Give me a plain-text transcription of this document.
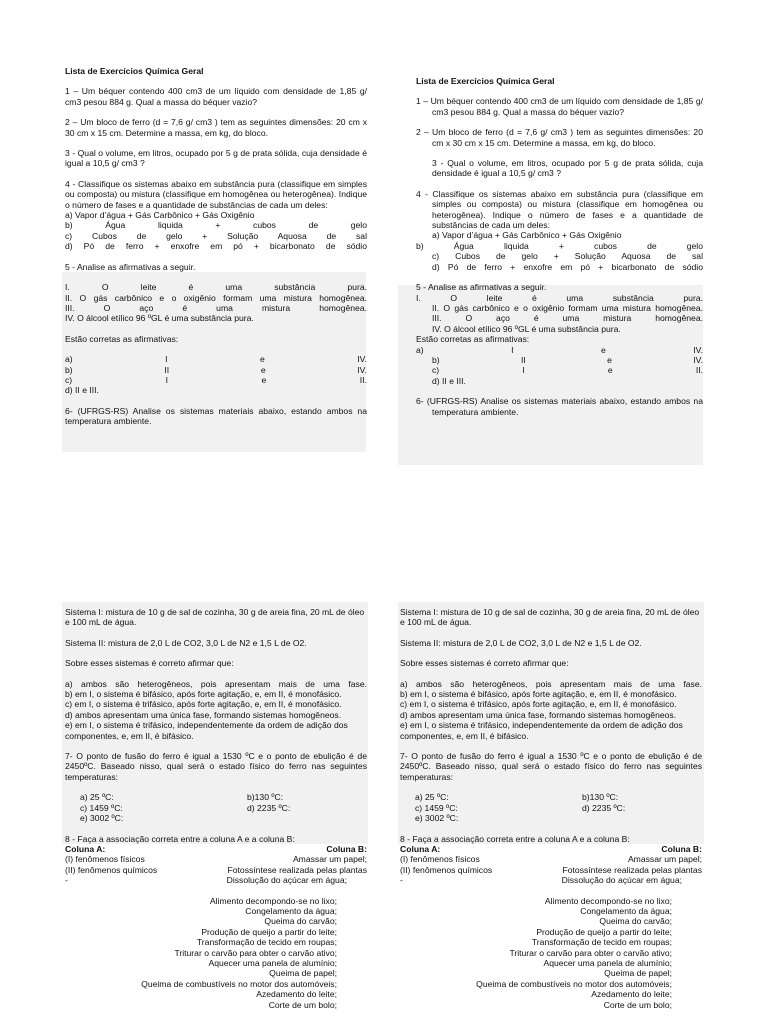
Lista de Exercícios Química Geral
1 – Um béquer contendo 400 cm3 de um líquido com densidade de 1,85 g/ cm3 pesou 884 g. Qual a massa do béquer vazio?
2 – Um bloco de ferro (d = 7,6 g/ cm3 ) tem as seguintes dimensões: 20 cm x 30 cm x 15 cm. Determine a massa, em kg, do bloco.
3 - Qual o volume, em litros, ocupado por 5 g de prata sólida, cuja densidade é igual a 10,5 g/ cm3 ?
4 - Classifique os sistemas abaixo em substância pura (classifique em simples ou composta) ou mistura (classifique em homogênea ou heterogênea). Indique o número de fases e a quantidade de substâncias de cada um deles:
a) Vapor d’água + Gás Carbônico + Gás Oxigênio
b) Água liquida + cubos de gelo
c) Cubos de gelo + Solução Aquosa de sal
d) Pó de ferro + enxofre em pó + bicarbonato de sódio
5 - Analise as afirmativas a seguir.
I. O leite é uma substância pura.
II. O gás carbônico e o oxigênio formam uma mistura homogênea.
III. O aço é uma mistura homogênea.
IV. O álcool etílico 96 ºGL é uma substância pura.
Estão corretas as afirmativas:
a)	I	e	IV.
b)	II	e	IV.
c)	I	e	II.
d) II e III.
6- (UFRGS-RS) Analise os sistemas materiais abaixo, estando ambos na temperatura ambiente.
Lista de Exercícios Química Geral
1 – Um béquer contendo 400 cm3 de um líquido com densidade de 1,85 g/ cm3 pesou 884 g. Qual a massa do béquer vazio?
2 – Um bloco de ferro (d = 7,6 g/ cm3 ) tem as seguintes dimensões: 20 cm x 30 cm x 15 cm. Determine a massa, em kg, do bloco.
3 - Qual o volume, em litros, ocupado por 5 g de prata sólida, cuja densidade é igual a 10,5 g/ cm3 ?
4 - Classifique os sistemas abaixo em substância pura (classifique em simples ou composta) ou mistura (classifique em homogênea ou heterogênea). Indique o número de fases e a quantidade de substâncias de cada um deles:
a) Vapor d’água + Gás Carbônico + Gás Oxigênio
b) Água liquida + cubos de gelo
c) Cubos de gelo + Solução Aquosa de sal
d) Pó de ferro + enxofre em pó + bicarbonato de sódio
5 - Analise as afirmativas a seguir.
I. O leite é uma substância pura.
II. O gás carbônico e o oxigênio formam uma mistura homogênea.
III. O aço é uma mistura homogênea.
IV. O álcool etílico 96 ºGL é uma substância pura.
Estão corretas as afirmativas:
a)	I	e	IV.
b)	II	e	IV.
c)	I	e	II.
d) II e III.
6- (UFRGS-RS) Analise os sistemas materiais abaixo, estando ambos na temperatura ambiente.
Sistema I: mistura de 10 g de sal de cozinha, 30 g de areia fina, 20 mL de óleo e 100 mL de água.
Sistema II: mistura de 2,0 L de CO2, 3,0 L de N2 e 1,5 L de O2.
Sobre esses sistemas é correto afirmar que:
a) ambos são heterogêneos, pois apresentam mais de uma fase.
b) em I, o sistema é bifásico, após forte agitação, e, em II, é monofásico.
c) em I, o sistema é trifásico, após forte agitação, e, em II, é monofásico.
d) ambos apresentam uma única fase, formando sistemas homogêneos.
e) em I, o sistema é trifásico, independentemente da ordem de adição dos componentes, e, em II, é bifásico.
7- O ponto de fusão do ferro é igual a 1530 ºC e o ponto de ebulição é de 2450ºC. Baseado nisso, qual será o estado físico do ferro nas seguintes temperaturas:
a) 25 ºC:	b)130 ºC:
c) 1459 ºC:	d) 2235 ºC:
e) 3002 ºC:
8 - Faça a associação correta entre a coluna A e a coluna B:
Coluna A:	Coluna B:
(I) fenômenos físicos	Amassar um papel;
(II) fenômenos químicos	Fotossíntese realizada pelas plantas
-	Dissolução do açúcar em água;
Alimento decompondo-se no lixo;
Congelamento da água;
Queima do carvão;
Produção de queijo a partir do leite;
Transformação de tecido em roupas;
Triturar o carvão para obter o carvão ativo;
Aquecer uma panela de alumínio;
Queima de papel;
Queima de combustíveis no motor dos automóveis;
Azedamento do leite;
Corte de um bolo;
Sistema I: mistura de 10 g de sal de cozinha, 30 g de areia fina, 20 mL de óleo e 100 mL de água.
Sistema II: mistura de 2,0 L de CO2, 3,0 L de N2 e 1,5 L de O2.
Sobre esses sistemas é correto afirmar que:
a) ambos são heterogêneos, pois apresentam mais de uma fase.
b) em I, o sistema é bifásico, após forte agitação, e, em II, é monofásico.
c) em I, o sistema é trifásico, após forte agitação, e, em II, é monofásico.
d) ambos apresentam uma única fase, formando sistemas homogêneos.
e) em I, o sistema é trifásico, independentemente da ordem de adição dos componentes, e, em II, é bifásico.
7- O ponto de fusão do ferro é igual a 1530 ºC e o ponto de ebulição é de 2450ºC. Baseado nisso, qual será o estado físico do ferro nas seguintes temperaturas:
a) 25 ºC:	b)130 ºC:
c) 1459 ºC:	d) 2235 ºC:
e) 3002 ºC:
8 - Faça a associação correta entre a coluna A e a coluna B:
Coluna A:	Coluna B:
(I) fenômenos físicos	Amassar um papel;
(II) fenômenos químicos	Fotossíntese realizada pelas plantas
-	Dissolução do açúcar em água;
Alimento decompondo-se no lixo;
Congelamento da água;
Queima do carvão;
Produção de queijo a partir do leite;
Transformação de tecido em roupas;
Triturar o carvão para obter o carvão ativo;
Aquecer uma panela de alumínio;
Queima de papel;
Queima de combustíveis no motor dos automóveis;
Azedamento do leite;
Corte de um bolo;
